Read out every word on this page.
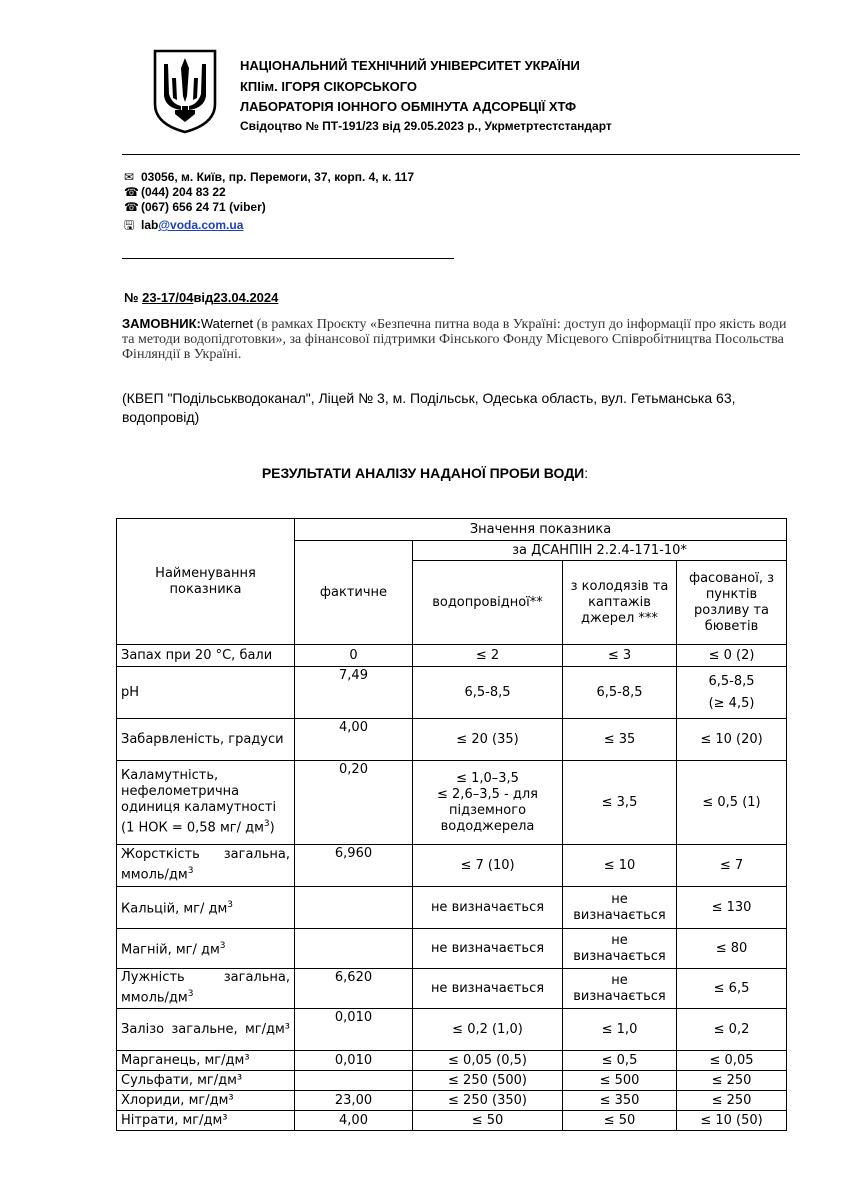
НАЦІОНАЛЬНИЙ ТЕХНІЧНИЙ УНІВЕРСИТЕТ УКРАЇНИ
КПІім. ІГОРЯ СІКОРСЬКОГО
ЛАБОРАТОРІЯ ІОННОГО ОБМІНУТА АДСОРБЦІЇ ХТФ
Свідоцтво № ПТ-191/23 від 29.05.2023 р., Укрметртестстандарт
✉ 03056, м. Київ, пр. Перемоги, 37, корп. 4, к. 117
☎ (044) 204 83 22
☎ (067) 656 24 71 (viber)
🖫 lab@voda.com.ua
№ 23-17/04від23.04.2024
ЗАМОВНИК:Waternet (в рамках Проєкту «Безпечна питна вода в Україні: доступ до інформації про якість води та методи водопідготовки», за фінансової підтримки Фінського Фонду Місцевого Співробітництва Посольства Фінляндії в Україні.
(КВЕП "Подільськводоканал", Ліцей № 3, м. Подільськ, Одеська область, вул. Гетьманська 63, водопровід)
РЕЗУЛЬТАТИ АНАЛІЗУ НАДАНОЇ ПРОБИ ВОДИ:
Найменування показника	Значення показника			
	фактичне	за ДСАНПІН 2.2.4-171-10*		
		водопровідної**	з колодязів та каптажів джерел ***	фасованої, з пунктів розливу та бюветів
Запах при 20 °С, бали	0	≤ 2	≤ 3	≤ 0 (2)
pH	7,49	6,5-8,5	6,5-8,5	6,5-8,5
(≥ 4,5)

Забарвленість, градуси	4,00	≤ 20 (35)	≤ 35	≤ 10 (20)
Каламутність, нефелометрична одиниця каламутності (1 НОК = 0,58 мг/ $дм^3$)	0,20	≤ 1,0–3,5
≤ 2,6–3,5 - для підземного вододжерела	≤ 3,5	≤ 0,5 (1)
Жорсткість загальна, ммоль/$дм^3$	6,960	≤ 7 (10)	≤ 10	≤ 7
Кальцій, мг/ $дм^3$		не визначається	не визначається	≤ 130
Магній, мг/ $дм^3$		не визначається	не визначається	≤ 80
Лужність загальна, ммоль/$дм^3$	6,620	не визначається	не визначається	≤ 6,5
Залізо загальне, мг/дм³	0,010	≤ 0,2 (1,0)	≤ 1,0	≤ 0,2
Марганець, мг/дм³	0,010	≤ 0,05 (0,5)	≤ 0,5	≤ 0,05
Сульфати, мг/дм³		≤ 250 (500)	≤ 500	≤ 250
Хлориди, мг/дм³	23,00	≤ 250 (350)	≤ 350	≤ 250
Нітрати, мг/дм³	4,00	≤ 50	≤ 50	≤ 10 (50)
